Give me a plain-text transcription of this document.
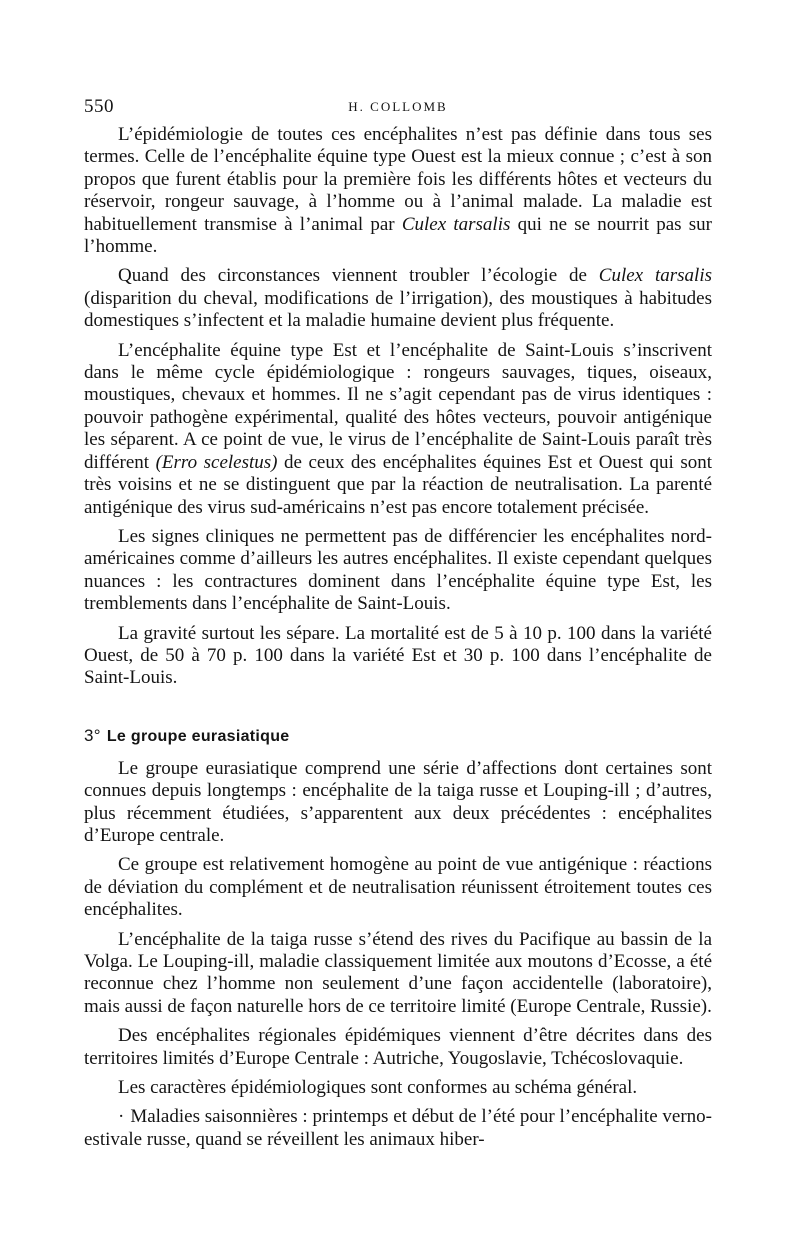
550	H. COLLOMB

L’épidémiologie de toutes ces encéphalites n’est pas définie dans tous ses termes. Celle de l’encéphalite équine type Ouest est la mieux connue ; c’est à son propos que furent établis pour la première fois les différents hôtes et vecteurs du réservoir, rongeur sauvage, à l’homme ou à l’animal malade. La maladie est habituellement transmise à l’animal par Culex tarsalis qui ne se nourrit pas sur l’homme.

Quand des circonstances viennent troubler l’écologie de Culex tarsalis (disparition du cheval, modifications de l’irrigation), des moustiques à habitudes domestiques s’infectent et la maladie humaine devient plus fréquente.

L’encéphalite équine type Est et l’encéphalite de Saint-Louis s’inscrivent dans le même cycle épidémiologique : rongeurs sauvages, tiques, oiseaux, moustiques, chevaux et hommes. Il ne s’agit cependant pas de virus identiques : pouvoir pathogène expérimental, qualité des hôtes vecteurs, pouvoir antigénique les séparent. A ce point de vue, le virus de l’encéphalite de Saint-Louis paraît très différent (Erro scelestus) de ceux des encéphalites équines Est et Ouest qui sont très voisins et ne se distinguent que par la réaction de neutralisation. La parenté antigénique des virus sud-américains n’est pas encore totalement précisée.

Les signes cliniques ne permettent pas de différencier les encéphalites nord-américaines comme d’ailleurs les autres encéphalites. Il existe cependant quelques nuances : les contractures dominent dans l’encéphalite équine type Est, les tremblements dans l’encéphalite de Saint-Louis.

La gravité surtout les sépare. La mortalité est de 5 à 10 p. 100 dans la variété Ouest, de 50 à 70 p. 100 dans la variété Est et 30 p. 100 dans l’encéphalite de Saint-Louis.

3° Le groupe eurasiatique

Le groupe eurasiatique comprend une série d’affections dont certaines sont connues depuis longtemps : encéphalite de la taiga russe et Louping-ill ; d’autres, plus récemment étudiées, s’apparentent aux deux précédentes : encéphalites d’Europe centrale.

Ce groupe est relativement homogène au point de vue antigénique : réactions de déviation du complément et de neutralisation réunissent étroitement toutes ces encéphalites.

L’encéphalite de la taiga russe s’étend des rives du Pacifique au bassin de la Volga. Le Louping-ill, maladie classiquement limitée aux moutons d’Ecosse, a été reconnue chez l’homme non seulement d’une façon accidentelle (laboratoire), mais aussi de façon naturelle hors de ce territoire limité (Europe Centrale, Russie).

Des encéphalites régionales épidémiques viennent d’être décrites dans des territoires limités d’Europe Centrale : Autriche, Yougoslavie, Tchécoslovaquie.

Les caractères épidémiologiques sont conformes au schéma général.

· Maladies saisonnières : printemps et début de l’été pour l’encéphalite verno-estivale russe, quand se réveillent les animaux hiber-
